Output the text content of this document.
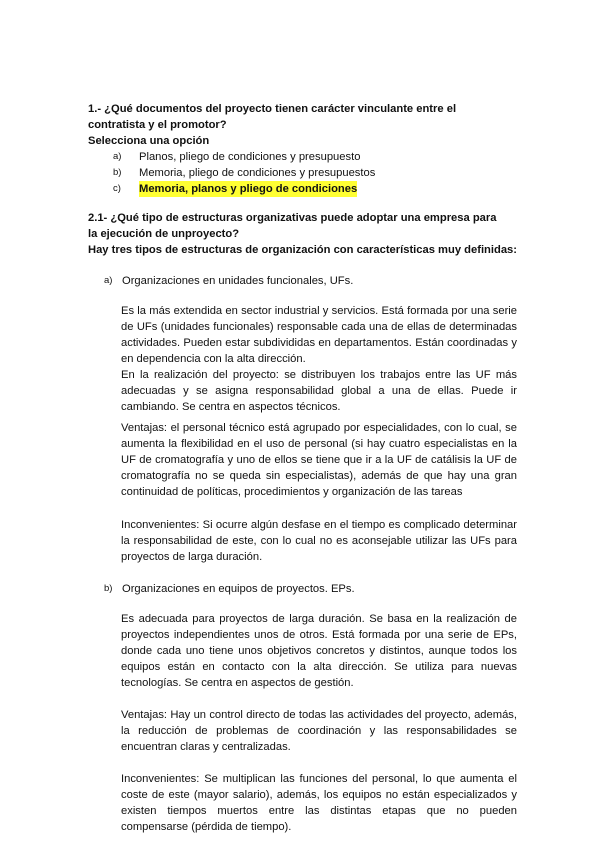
1.- ¿Qué documentos del proyecto tienen carácter vinculante entre el contratista y el promotor?
Selecciona una opción
a)	Planos, pliego de condiciones y presupuesto
b)	Memoria, pliego de condiciones y presupuestos
c)	Memoria, planos y pliego de condiciones
2.1- ¿Qué tipo de estructuras organizativas puede adoptar una empresa para la ejecución de unproyecto?
Hay tres tipos de estructuras de organización con características muy definidas:
a) Organizaciones en unidades funcionales, UFs.

Es la más extendida en sector industrial y servicios. Está formada por una serie de UFs (unidades funcionales) responsable cada una de ellas de determinadas actividades. Pueden estar subdivididas en departamentos. Están coordinadas y en dependencia con la alta dirección.

En la realización del proyecto: se distribuyen los trabajos entre las UF más adecuadas y se asigna responsabilidad global a una de ellas. Puede ir cambiando. Se centra en aspectos técnicos.

Ventajas: el personal técnico está agrupado por especialidades, con lo cual, se aumenta la flexibilidad en el uso de personal (si hay cuatro especialistas en la UF de cromatografía y uno de ellos se tiene que ir a la UF de catálisis la UF de cromatografía no se queda sin especialistas), además de que hay una gran continuidad de políticas, procedimientos y organización de las tareas

Inconvenientes: Si ocurre algún desfase en el tiempo es complicado determinar la responsabilidad de este, con lo cual no es aconsejable utilizar las UFs para proyectos de larga duración.

b) Organizaciones en equipos de proyectos. EPs.

Es adecuada para proyectos de larga duración. Se basa en la realización de proyectos independientes unos de otros. Está formada por una serie de EPs, donde cada uno tiene unos objetivos concretos y distintos, aunque todos los equipos están en contacto con la alta dirección. Se utiliza para nuevas tecnologías. Se centra en aspectos de gestión.

Ventajas: Hay un control directo de todas las actividades del proyecto, además, la reducción de problemas de coordinación y las responsabilidades se encuentran claras y centralizadas.

Inconvenientes: Se multiplican las funciones del personal, lo que aumenta el coste de este (mayor salario), además, los equipos no están especializados y existen tiempos muertos entre las distintas etapas que no pueden compensarse (pérdida de tiempo).
